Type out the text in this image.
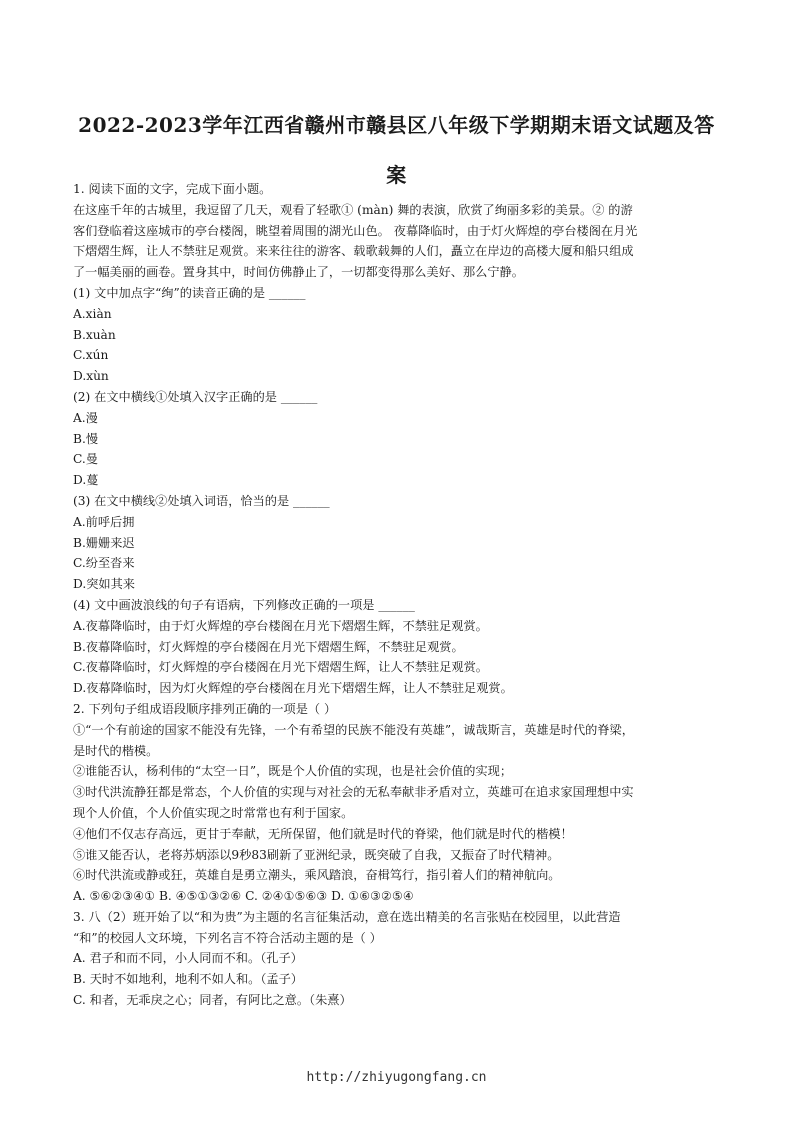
2022-2023学年江西省赣州市赣县区八年级下学期期末语文试题及答
案
1. 阅读下面的文字，完成下面小题。
在这座千年的古城里，我逗留了几天，观看了轻歌① (màn) 舞的表演，欣赏了绚丽多彩的美景。② 的游
客们登临着这座城市的亭台楼阁，眺望着周围的湖光山色。 夜幕降临时，由于灯火辉煌的亭台楼阁在月光
下熠熠生辉，让人不禁驻足观赏。来来往往的游客、载歌载舞的人们，矗立在岸边的高楼大厦和船只组成
了一幅美丽的画卷。置身其中，时间仿佛静止了，一切都变得那么美好、那么宁静。
(1) 文中加点字“绚”的读音正确的是 ______
A.xiàn
B.xuàn
C.xún
D.xùn
(2) 在文中横线①处填入汉字正确的是 ______
A.漫
B.慢
C.曼
D.蔓
(3) 在文中横线②处填入词语，恰当的是 ______
A.前呼后拥
B.姗姗来迟
C.纷至沓来
D.突如其来
(4) 文中画波浪线的句子有语病，下列修改正确的一项是 ______
A.夜幕降临时，由于灯火辉煌的亭台楼阁在月光下熠熠生辉，不禁驻足观赏。
B.夜幕降临时，灯火辉煌的亭台楼阁在月光下熠熠生辉，不禁驻足观赏。
C.夜幕降临时，灯火辉煌的亭台楼阁在月光下熠熠生辉，让人不禁驻足观赏。
D.夜幕降临时，因为灯火辉煌的亭台楼阁在月光下熠熠生辉，让人不禁驻足观赏。
2. 下列句子组成语段顺序排列正确的一项是（ ）
①“一个有前途的国家不能没有先锋，一个有希望的民族不能没有英雄”，诚哉斯言，英雄是时代的脊梁，
是时代的楷模。
②谁能否认，杨利伟的“太空一日”，既是个人价值的实现，也是社会价值的实现；
③时代洪流静狂都是常态，个人价值的实现与对社会的无私奉献非矛盾对立，英雄可在追求家国理想中实
现个人价值，个人价值实现之时常常也有利于国家。
④他们不仅志存高远，更甘于奉献，无所保留，他们就是时代的脊梁，他们就是时代的楷模！
⑤谁又能否认，老将苏炳添以9秒83刷新了亚洲纪录，既突破了自我，又振奋了时代精神。
⑥时代洪流或静或狂，英雄自是勇立潮头，乘风踏浪，奋楫笃行，指引着人们的精神航向。
A. ⑤⑥②③④① B. ④⑤①③②⑥ C. ②④①⑤⑥③ D. ①⑥③②⑤④
3. 八（2）班开始了以“和为贵”为主题的名言征集活动，意在选出精美的名言张贴在校园里，以此营造
“和”的校园人文环境，下列名言不符合活动主题的是（ ）
A. 君子和而不同，小人同而不和。（孔子）
B. 天时不如地利，地利不如人和。（孟子）
C. 和者，无乖戾之心；同者，有阿比之意。（朱熹）
http://zhiyugongfang.cn
